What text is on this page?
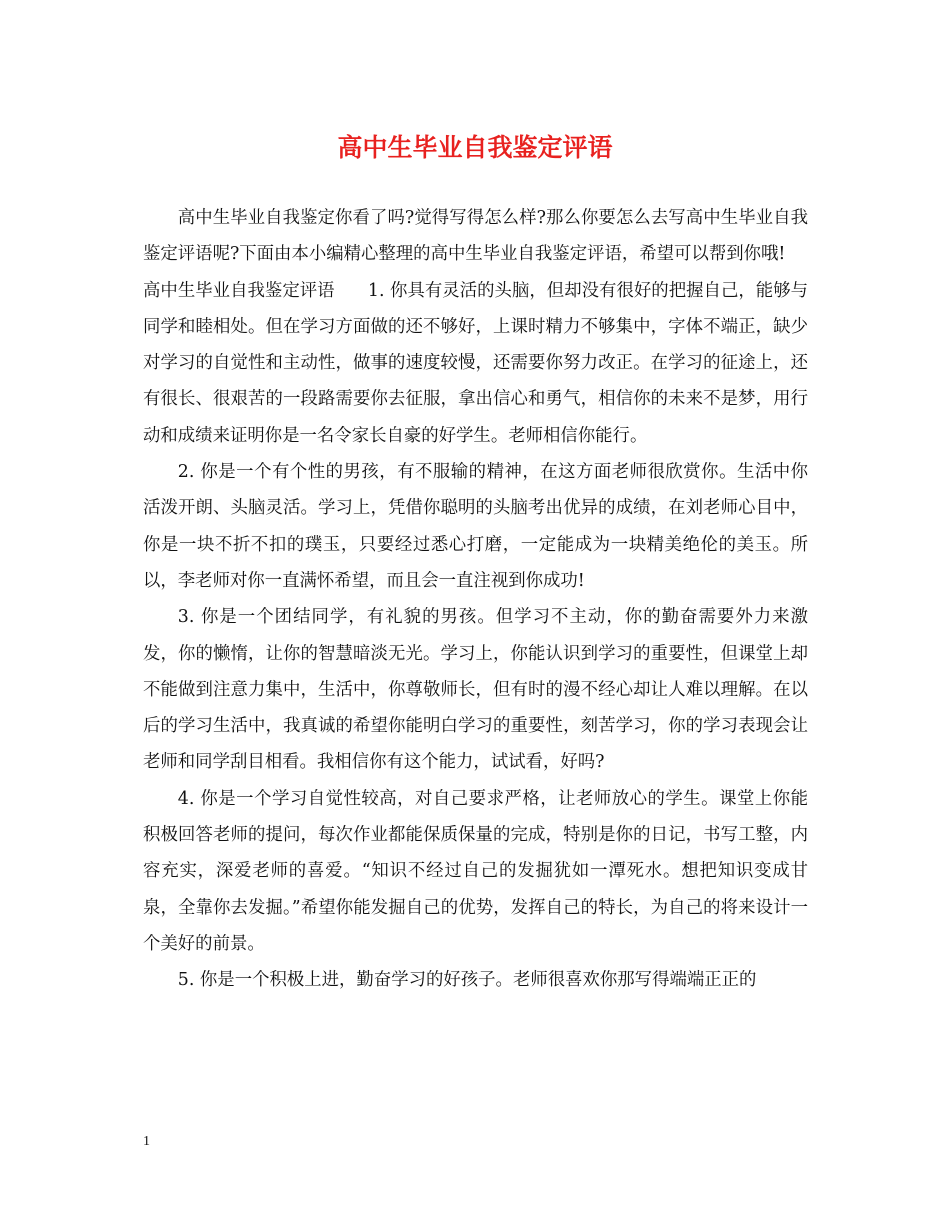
高中生毕业自我鉴定评语

高中生毕业自我鉴定你看了吗?觉得写得怎么样?那么你要怎么去写高中生毕业自我鉴定评语呢?下面由本小编精心整理的高中生毕业自我鉴定评语，希望可以帮到你哦!

高中生毕业自我鉴定评语 1. 你具有灵活的头脑，但却没有很好的把握自己，能够与同学和睦相处。但在学习方面做的还不够好，上课时精力不够集中，字体不端正，缺少对学习的自觉性和主动性，做事的速度较慢，还需要你努力改正。在学习的征途上，还有很长、很艰苦的一段路需要你去征服，拿出信心和勇气，相信你的未来不是梦，用行动和成绩来证明你是一名令家长自豪的好学生。老师相信你能行。

2. 你是一个有个性的男孩，有不服输的精神，在这方面老师很欣赏你。生活中你活泼开朗、头脑灵活。学习上，凭借你聪明的头脑考出优异的成绩，在刘老师心目中，你是一块不折不扣的璞玉，只要经过悉心打磨，一定能成为一块精美绝伦的美玉。所以，李老师对你一直满怀希望，而且会一直注视到你成功!

3. 你是一个团结同学，有礼貌的男孩。但学习不主动，你的勤奋需要外力来激发，你的懒惰，让你的智慧暗淡无光。学习上，你能认识到学习的重要性，但课堂上却不能做到注意力集中，生活中，你尊敬师长，但有时的漫不经心却让人难以理解。在以后的学习生活中，我真诚的希望你能明白学习的重要性，刻苦学习，你的学习表现会让老师和同学刮目相看。我相信你有这个能力，试试看，好吗?

4. 你是一个学习自觉性较高，对自己要求严格，让老师放心的学生。课堂上你能积极回答老师的提问，每次作业都能保质保量的完成，特别是你的日记，书写工整，内容充实，深爱老师的喜爱。“知识不经过自己的发掘犹如一潭死水。想把知识变成甘泉，全靠你去发掘。”希望你能发掘自己的优势，发挥自己的特长，为自己的将来设计一个美好的前景。

5. 你是一个积极上进，勤奋学习的好孩子。老师很喜欢你那写得端端正正的

1
